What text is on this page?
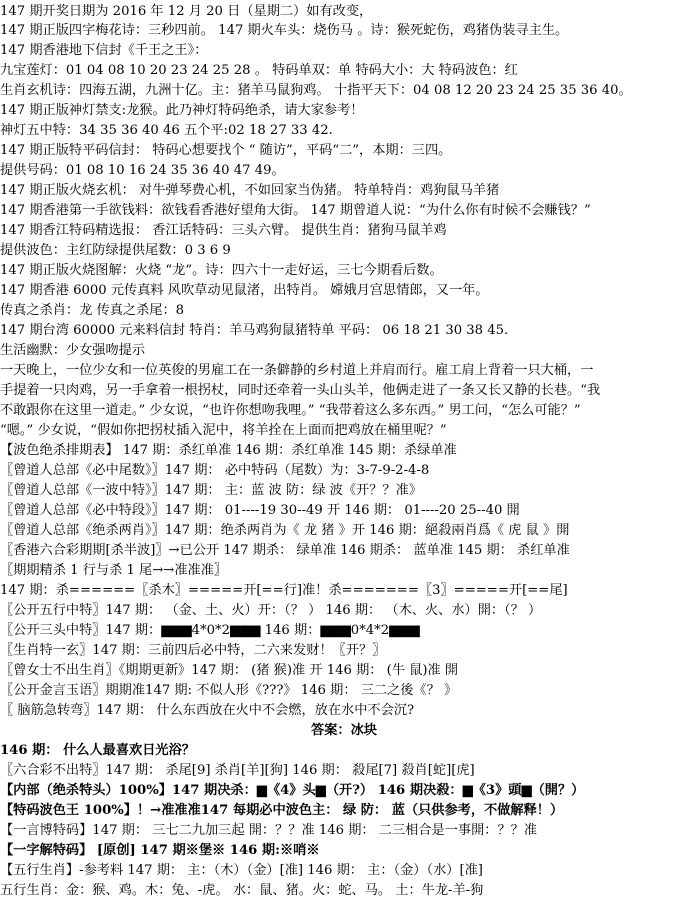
147 期开奖日期为 2016 年 12 月 20 日（星期二）如有改变，
147 期正版四字梅花诗：三秒四前。 147 期火车头：烧伤马 。诗：猴死蛇伤，鸡猪伪装寻主生。
147 期香港地下信封《千王之王》：
九宝莲灯：01 04 08 10 20 23 24 25 28 。 特码单双：单 特码大小：大 特码波色：红
生肖玄机诗：四海五湖，九洲十亿。主：猪羊马鼠狗鸡。 十指平天下：04 08 12 20 23 24 25 35 36 40。
147 期正版神灯禁支:龙猴。此乃神灯特码绝杀，请大家参考！
神灯五中特：34 35 36 40 46 五个平:02 18 27 33 42.
147 期正版特平码信封： 特码心想要找个 “ 随访”，平码“二”，本期：三四。
提供号码：01 08 10 16 24 35 36 40 47 49。
147 期正版火烧玄机： 对牛弹琴费心机，不如回家当伪猪。 特单特肖：鸡狗鼠马羊猪
147 期香港第一手欲钱料：欲钱看香港好望角大街。 147 期曾道人说：“为什么你有时候不会赚钱？”
147 期香江特码精选报： 香江话特码：三头六臂。 提供生肖：猪狗马鼠羊鸡
提供波色：主红防绿提供尾数：0 3 6 9
147 期正版火烧图解：火烧 “龙”。诗：四六十一走好运，三七今期看后数。
147 期香港 6000 元传真料 风吹草动见鼠渚，出特肖。 嫦娥月宫思情郎，又一年。
传真之杀肖：龙 传真之杀尾：8
147 期台湾 60000 元来料信封 特肖：羊马鸡狗鼠猪特单 平码： 06 18 21 30 38 45.
生活幽默：少女强吻提示
一天晚上，一位少女和一位英俊的男雇工在一条僻静的乡村道上并肩而行。雇工肩上背着一只大桶，一
手提着一只肉鸡，另一手拿着一根拐杖，同时还牵着一头山头羊，他俩走进了一条又长又静的长巷。“我
不敢跟你在这里一道走。” 少女说，“也许你想吻我哩。” “我带着这么多东西。” 男工问，“怎么可能？”
“嗯。” 少女说，“假如你把拐杖插入泥中，将羊拴在上面而把鸡放在桶里呢？”
【波色绝杀排期表】 147 期：杀红单准 146 期：杀红单准 145 期：杀绿单准
〖曾道人总部《必中尾数》〗147 期： 必中特码（尾数）为：3-7-9-2-4-8
〖曾道人总部《一波中特》〗147 期： 主：蓝 波 防：绿 波《开？？准》
〖曾道人总部《必中特段》〗147 期： 01----19 30--49 开 146 期： 01----20 25--40 開
〖曾道人总部《绝杀两肖》〗147 期：绝杀两肖为《 龙 猪 》开 146 期：絕殺兩肖爲《 虎 鼠 》開
〖香港六合彩期期[杀半波]〗→已公开 147 期杀： 绿单准 146 期杀： 蓝单准 145 期： 杀红单准
〖期期精杀 1 行与杀 1 尾→→准准准〗
147 期：杀======〖杀木〗=====开[==行]准！杀=======〖3〗=====开[==尾]
〖公开五行中特〗147 期： （金、土、火）开：（？ ） 146 期： （木、火、水）開：（？ ）
〖公开三头中特〗147 期：▆▆▆4*0*2▆▆▆ 146 期：▆▆▆0*4*2▆▆▆
〖生肖特一玄〗147 期：三前四后必中特，二六来发财！〖开？〗
〖曾女士不出生肖〗《期期更新》147 期： (猪 猴)准 开 146 期： (牛 鼠)准 開
〖公开金言玉语〗期期准147 期: 不似人形《???》 146 期： 三二之後《？ 》
〖 脑筋急转弯〗147 期： 什么东西放在火中不会燃，放在水中不会沉?
答案：冰块
146 期： 什么人最喜欢日光浴？
〖六合彩不出特〗147 期： 杀尾[9] 杀肖[羊][狗] 146 期： 殺尾[7] 殺肖[蛇][虎]
【内部（绝杀特头）100%】147 期决杀：▆《4》头▆（开?） 146 期决殺：▆《3》頭▆（開？）
【特码波色王 100%】！→准准准147 每期必中波色主： 绿 防： 蓝（只供参考，不做解释！）
【一言博特码】147 期： 三七二九加三起 開：？？准 146 期： 二三相合是一事開：？？准
【一字解特码】 [原创] 147 期※堡※ 146 期:※哨※
【五行生肖】-参考料 147 期： 主：（木）（金）[准] 146 期： 主：（金）（水）[准]
五行生肖：金：猴、鸡。木：兔、-虎。 水：鼠、猪。火：蛇、马。 土：牛龙-羊-狗
